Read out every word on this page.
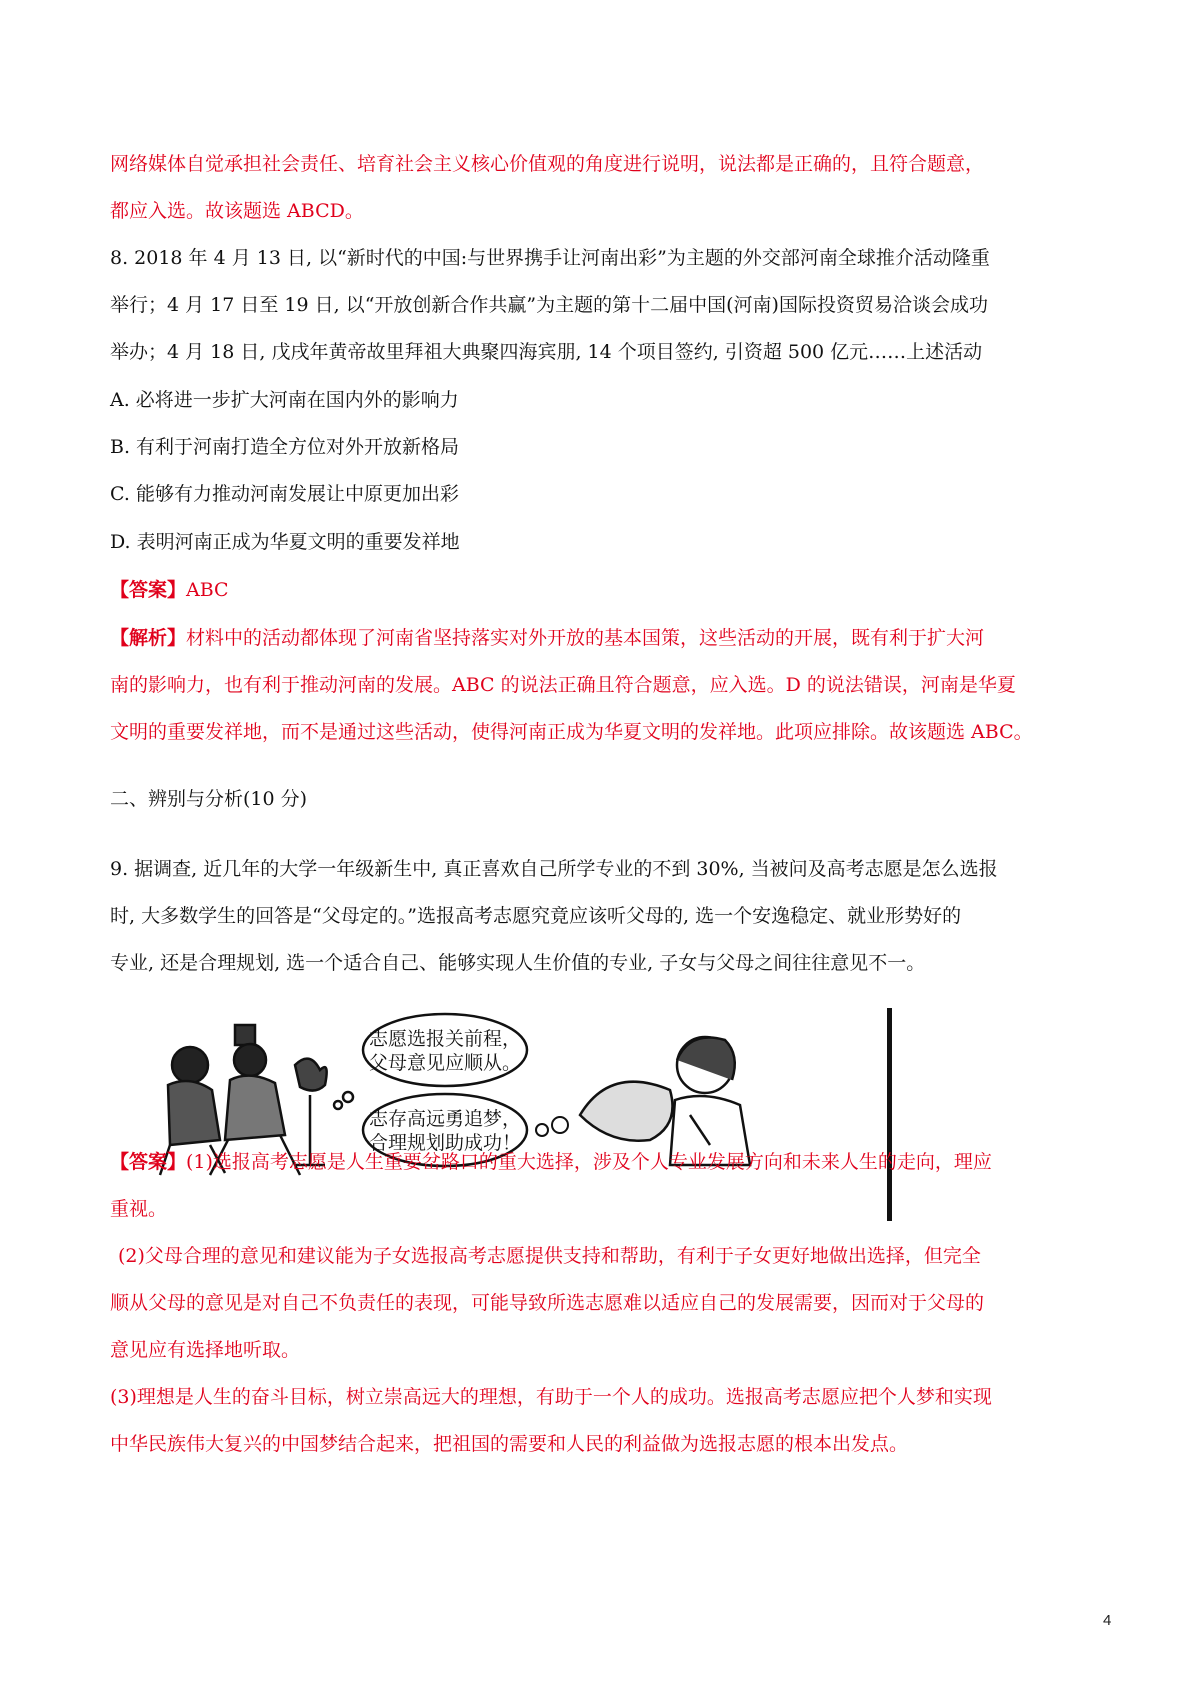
网络媒体自觉承担社会责任、培育社会主义核心价值观的角度进行说明，说法都是正确的，且符合题意，
都应入选。故该题选 ABCD。
8. 2018 年 4 月 13 日, 以“新时代的中国:与世界携手让河南出彩”为主题的外交部河南全球推介活动隆重
举行；4 月 17 日至 19 日, 以“开放创新合作共赢”为主题的第十二届中国(河南)国际投资贸易洽谈会成功
举办；4 月 18 日, 戊戌年黄帝故里拜祖大典聚四海宾朋, 14 个项目签约, 引资超 500 亿元……上述活动
A. 必将进一步扩大河南在国内外的影响力
B. 有利于河南打造全方位对外开放新格局
C. 能够有力推动河南发展让中原更加出彩
D. 表明河南正成为华夏文明的重要发祥地
【答案】ABC
【解析】材料中的活动都体现了河南省坚持落实对外开放的基本国策，这些活动的开展，既有利于扩大河
南的影响力，也有利于推动河南的发展。ABC 的说法正确且符合题意，应入选。D 的说法错误，河南是华夏
文明的重要发祥地，而不是通过这些活动，使得河南正成为华夏文明的发祥地。此项应排除。故该题选 ABC。
二、辨别与分析(10 分)
9. 据调查, 近几年的大学一年级新生中, 真正喜欢自己所学专业的不到 30%, 当被问及高考志愿是怎么选报
时, 大多数学生的回答是“父母定的。”选报高考志愿究竟应该听父母的, 选一个安逸稳定、就业形势好的
专业, 还是合理规划, 选一个适合自己、能够实现人生价值的专业, 子女与父母之间往往意见不一。
志愿选报关前程，
父母意见应顺从。
志存高远勇追梦，
合理规划助成功！
【答案】(1)选报高考志愿是人生重要岔路口的重大选择，涉及个人专业发展方向和未来人生的走向，理应
重视。
(2)父母合理的意见和建议能为子女选报高考志愿提供支持和帮助，有利于子女更好地做出选择，但完全
顺从父母的意见是对自己不负责任的表现，可能导致所选志愿难以适应自己的发展需要，因而对于父母的
意见应有选择地听取。
(3)理想是人生的奋斗目标，树立崇高远大的理想，有助于一个人的成功。选报高考志愿应把个人梦和实现
中华民族伟大复兴的中国梦结合起来，把祖国的需要和人民的利益做为选报志愿的根本出发点。
4
